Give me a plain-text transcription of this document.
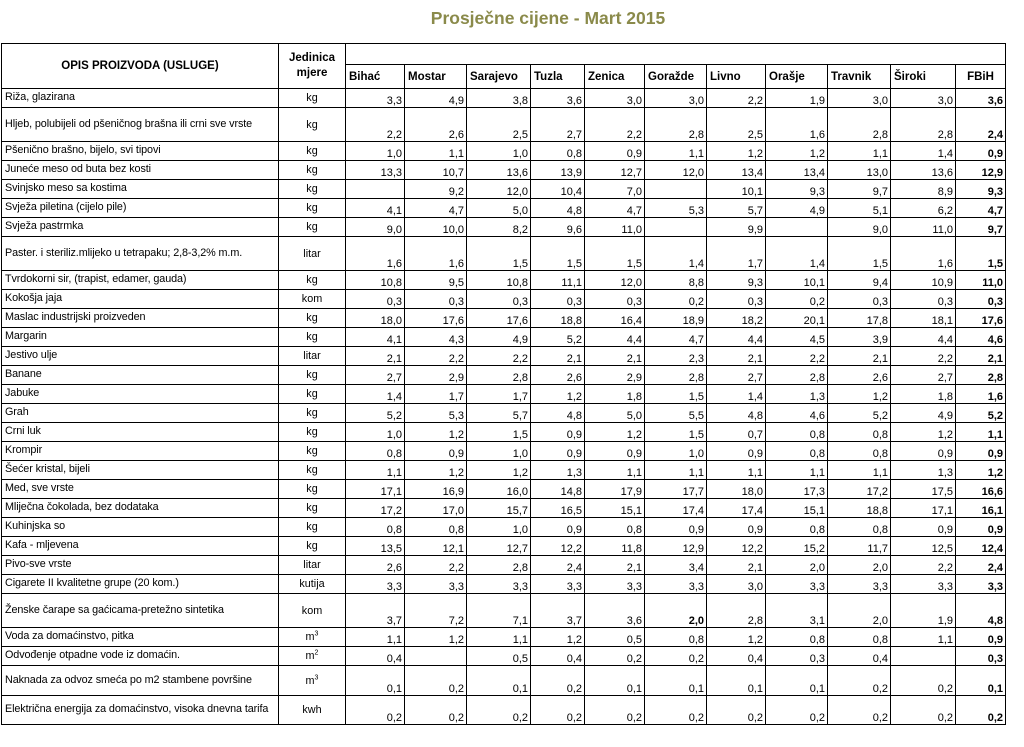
Prosječne cijene - Mart 2015
OPIS PROIZVODA (USLUGE)	Jedinica
mjere											
		Bihać	Mostar	Sarajevo	Tuzla	Zenica	Goražde	Livno	Orašje	Travnik	Široki	FBiH
Riža, glazirana	kg	3,3	4,9	3,8	3,6	3,0	3,0	2,2	1,9	3,0	3,0	3,6
Hljeb, polubijeli od pšeničnog brašna ili crni sve vrste	kg	2,2	2,6	2,5	2,7	2,2	2,8	2,5	1,6	2,8	2,8	2,4
Pšenično brašno, bijelo, svi tipovi	kg	1,0	1,1	1,0	0,8	0,9	1,1	1,2	1,2	1,1	1,4	0,9
Juneće meso od buta bez kosti	kg	13,3	10,7	13,6	13,9	12,7	12,0	13,4	13,4	13,0	13,6	12,9
Svinjsko meso sa kostima	kg		9,2	12,0	10,4	7,0		10,1	9,3	9,7	8,9	9,3
Svježa piletina (cijelo pile)	kg	4,1	4,7	5,0	4,8	4,7	5,3	5,7	4,9	5,1	6,2	4,7
Svježa pastrmka	kg	9,0	10,0	8,2	9,6	11,0		9,9		9,0	11,0	9,7
Paster. i steriliz.mlijeko u tetrapaku; 2,8-3,2% m.m.	litar	1,6	1,6	1,5	1,5	1,5	1,4	1,7	1,4	1,5	1,6	1,5
Tvrdokorni sir, (trapist, edamer, gauda)	kg	10,8	9,5	10,8	11,1	12,0	8,8	9,3	10,1	9,4	10,9	11,0
Kokošja jaja	kom	0,3	0,3	0,3	0,3	0,3	0,2	0,3	0,2	0,3	0,3	0,3
Maslac industrijski proizveden	kg	18,0	17,6	17,6	18,8	16,4	18,9	18,2	20,1	17,8	18,1	17,6
Margarin	kg	4,1	4,3	4,9	5,2	4,4	4,7	4,4	4,5	3,9	4,4	4,6
Jestivo ulje	litar	2,1	2,2	2,2	2,1	2,1	2,3	2,1	2,2	2,1	2,2	2,1
Banane	kg	2,7	2,9	2,8	2,6	2,9	2,8	2,7	2,8	2,6	2,7	2,8
Jabuke	kg	1,4	1,7	1,7	1,2	1,8	1,5	1,4	1,3	1,2	1,8	1,6
Grah	kg	5,2	5,3	5,7	4,8	5,0	5,5	4,8	4,6	5,2	4,9	5,2
Crni luk	kg	1,0	1,2	1,5	0,9	1,2	1,5	0,7	0,8	0,8	1,2	1,1
Krompir	kg	0,8	0,9	1,0	0,9	0,9	1,0	0,9	0,8	0,8	0,9	0,9
Šećer kristal, bijeli	kg	1,1	1,2	1,2	1,3	1,1	1,1	1,1	1,1	1,1	1,3	1,2
Med, sve vrste	kg	17,1	16,9	16,0	14,8	17,9	17,7	18,0	17,3	17,2	17,5	16,6
Mliječna čokolada, bez dodataka	kg	17,2	17,0	15,7	16,5	15,1	17,4	17,4	15,1	18,8	17,1	16,1
Kuhinjska so	kg	0,8	0,8	1,0	0,9	0,8	0,9	0,9	0,8	0,8	0,9	0,9
Kafa - mljevena	kg	13,5	12,1	12,7	12,2	11,8	12,9	12,2	15,2	11,7	12,5	12,4
Pivo-sve vrste	litar	2,6	2,2	2,8	2,4	2,1	3,4	2,1	2,0	2,0	2,2	2,4
Cigarete II kvalitetne grupe (20 kom.)	kutija	3,3	3,3	3,3	3,3	3,3	3,3	3,0	3,3	3,3	3,3	3,3
Ženske čarape sa gaćicama-pretežno sintetika	kom	3,7	7,2	7,1	3,7	3,6	2,0	2,8	3,1	2,0	1,9	4,8
Voda za domaćinstvo, pitka	$m^3$	1,1	1,2	1,1	1,2	0,5	0,8	1,2	0,8	0,8	1,1	0,9
Odvođenje otpadne vode iz domaćin.	$m^2$	0,4		0,5	0,4	0,2	0,2	0,4	0,3	0,4		0,3
Naknada za odvoz smeća po m2 stambene površine	$m^3$	0,1	0,2	0,1	0,2	0,1	0,1	0,1	0,1	0,2	0,2	0,1
Električna energija za domaćinstvo, visoka dnevna tarifa	kwh	0,2	0,2	0,2	0,2	0,2	0,2	0,2	0,2	0,2	0,2	0,2
